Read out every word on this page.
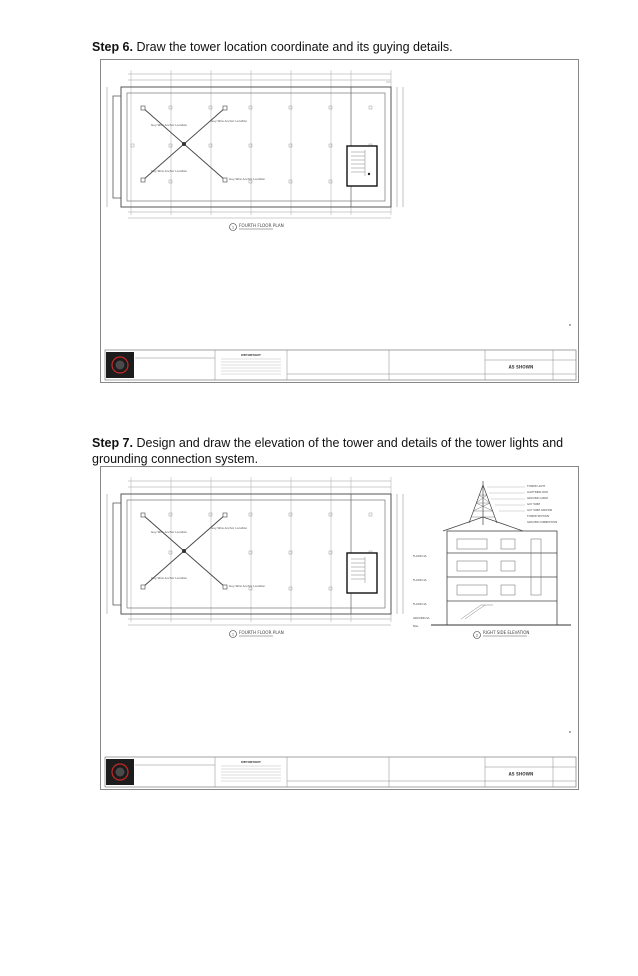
Step 6. Draw the tower location coordinate and its guying details.
Guy Wire Anchor Location
Guy Wire Anchor Location
Guy Wire Anchor Location
Guy Wire Anchor Location
1 FOURTH FLOOR PLAN
B
IMPORTANT
AS SHOWN
Step 7. Design and draw the elevation of the tower and details of the tower lights and
grounding connection system.
Guy Wire Anchor Location
Guy Wire Anchor Location
Guy Wire Anchor Location
Guy Wire Anchor Location
1 FOURTH FLOOR PLAN
FLOOR LVL
FLOOR LVL
FLOOR LVL
GROUND LVL
NGL
TOWER LIGHT
LIGHTNING ROD
GROUND CABLE
GUY WIRE
GUY WIRE ANCHOR
TOWER SECTION
GROUND CONNECTION
2
RIGHT SIDE ELEVATION
B
IMPORTANT
AS SHOWN
